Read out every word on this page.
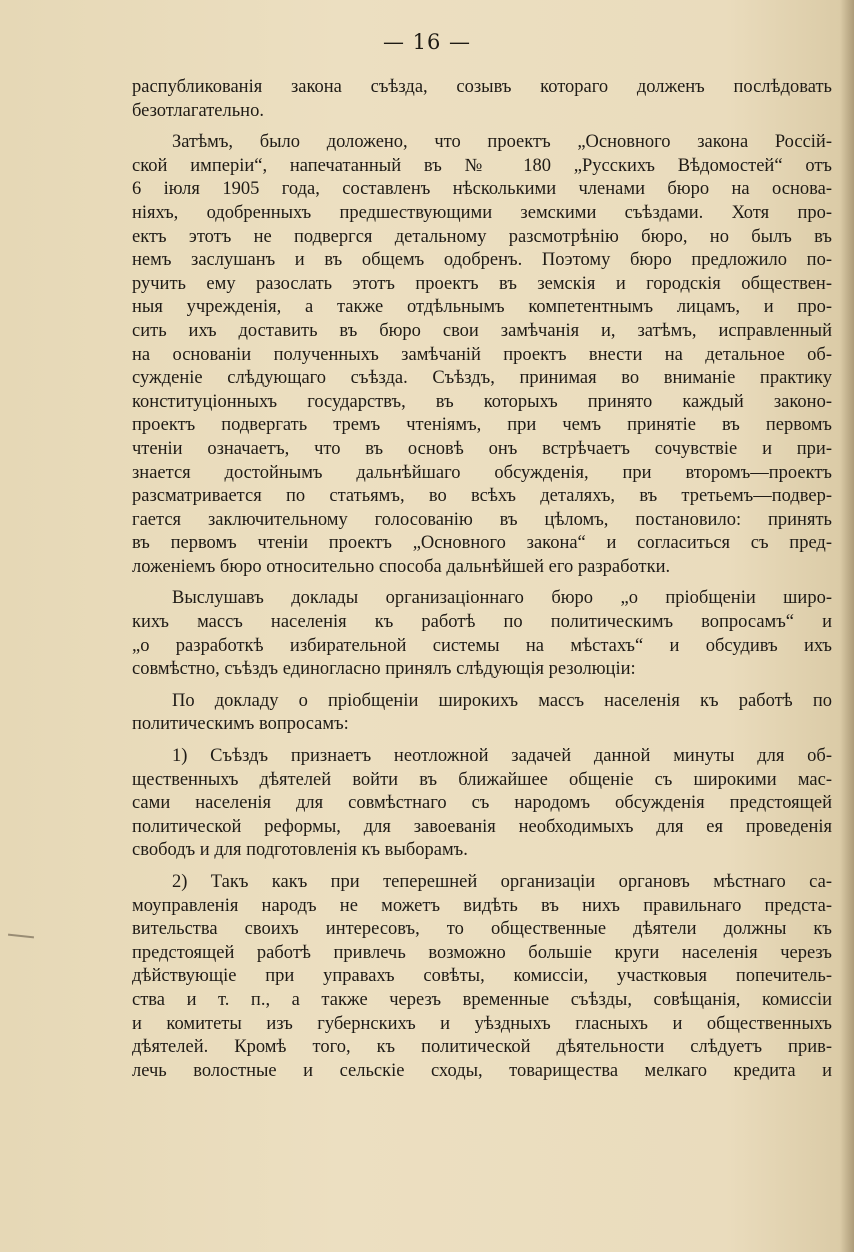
— 16 —
распубликованія закона съѣзда, созывъ котораго долженъ послѣдовать
безотлагательно.
Затѣмъ, было доложено, что проектъ „Основного закона Россій-
ской имперіи“, напечатанный въ № 180 „Русскихъ Вѣдомостей“ отъ
6 іюля 1905 года, составленъ нѣсколькими членами бюро на основа-
ніяхъ, одобренныхъ предшествующими земскими съѣздами. Хотя про-
ектъ этотъ не подвергся детальному разсмотрѣнію бюро, но былъ въ
немъ заслушанъ и въ общемъ одобренъ. Поэтому бюро предложило по-
ручить ему разослать этотъ проектъ въ земскія и городскія обществен-
ныя учрежденія, а также отдѣльнымъ компетентнымъ лицамъ, и про-
сить ихъ доставить въ бюро свои замѣчанія и, затѣмъ, исправленный
на основаніи полученныхъ замѣчаній проектъ внести на детальное об-
сужденіе слѣдующаго съѣзда. Съѣздъ, принимая во вниманіе практику
конституціонныхъ государствъ, въ которыхъ принято каждый законо-
проектъ подвергать тремъ чтеніямъ, при чемъ принятіе въ первомъ
чтеніи означаетъ, что въ основѣ онъ встрѣчаетъ сочувствіе и при-
знается достойнымъ дальнѣйшаго обсужденія, при второмъ—проектъ
разсматривается по статьямъ, во всѣхъ деталяхъ, въ третьемъ—подвер-
гается заключительному голосованію въ цѣломъ, постановило: принять
въ первомъ чтеніи проектъ „Основного закона“ и согласиться съ пред-
ложеніемъ бюро относительно способа дальнѣйшей его разработки.
Выслушавъ доклады организаціоннаго бюро „о пріобщеніи широ-
кихъ массъ населенія къ работѣ по политическимъ вопросамъ“ и
„о разработкѣ избирательной системы на мѣстахъ“ и обсудивъ ихъ
совмѣстно, съѣздъ единогласно принялъ слѣдующія резолюціи:
По докладу о пріобщеніи широкихъ массъ населенія къ работѣ по
политическимъ вопросамъ:
1) Съѣздъ признаетъ неотложной задачей данной минуты для об-
щественныхъ дѣятелей войти въ ближайшее общеніе съ широкими мас-
сами населенія для совмѣстнаго съ народомъ обсужденія предстоящей
политической реформы, для завоеванія необходимыхъ для ея проведенія
свободъ и для подготовленія къ выборамъ.
2) Такъ какъ при теперешней организаціи органовъ мѣстнаго са-
моуправленія народъ не можетъ видѣть въ нихъ правильнаго предста-
вительства своихъ интересовъ, то общественные дѣятели должны къ
предстоящей работѣ привлечь возможно большіе круги населенія черезъ
дѣйствующіе при управахъ совѣты, комиссіи, участковыя попечитель-
ства и т. п., а также черезъ временные съѣзды, совѣщанія, комиссіи
и комитеты изъ губернскихъ и уѣздныхъ гласныхъ и общественныхъ
дѣятелей. Кромѣ того, къ политической дѣятельности слѣдуетъ прив-
лечь волостные и сельскіе сходы, товарищества мелкаго кредита и
